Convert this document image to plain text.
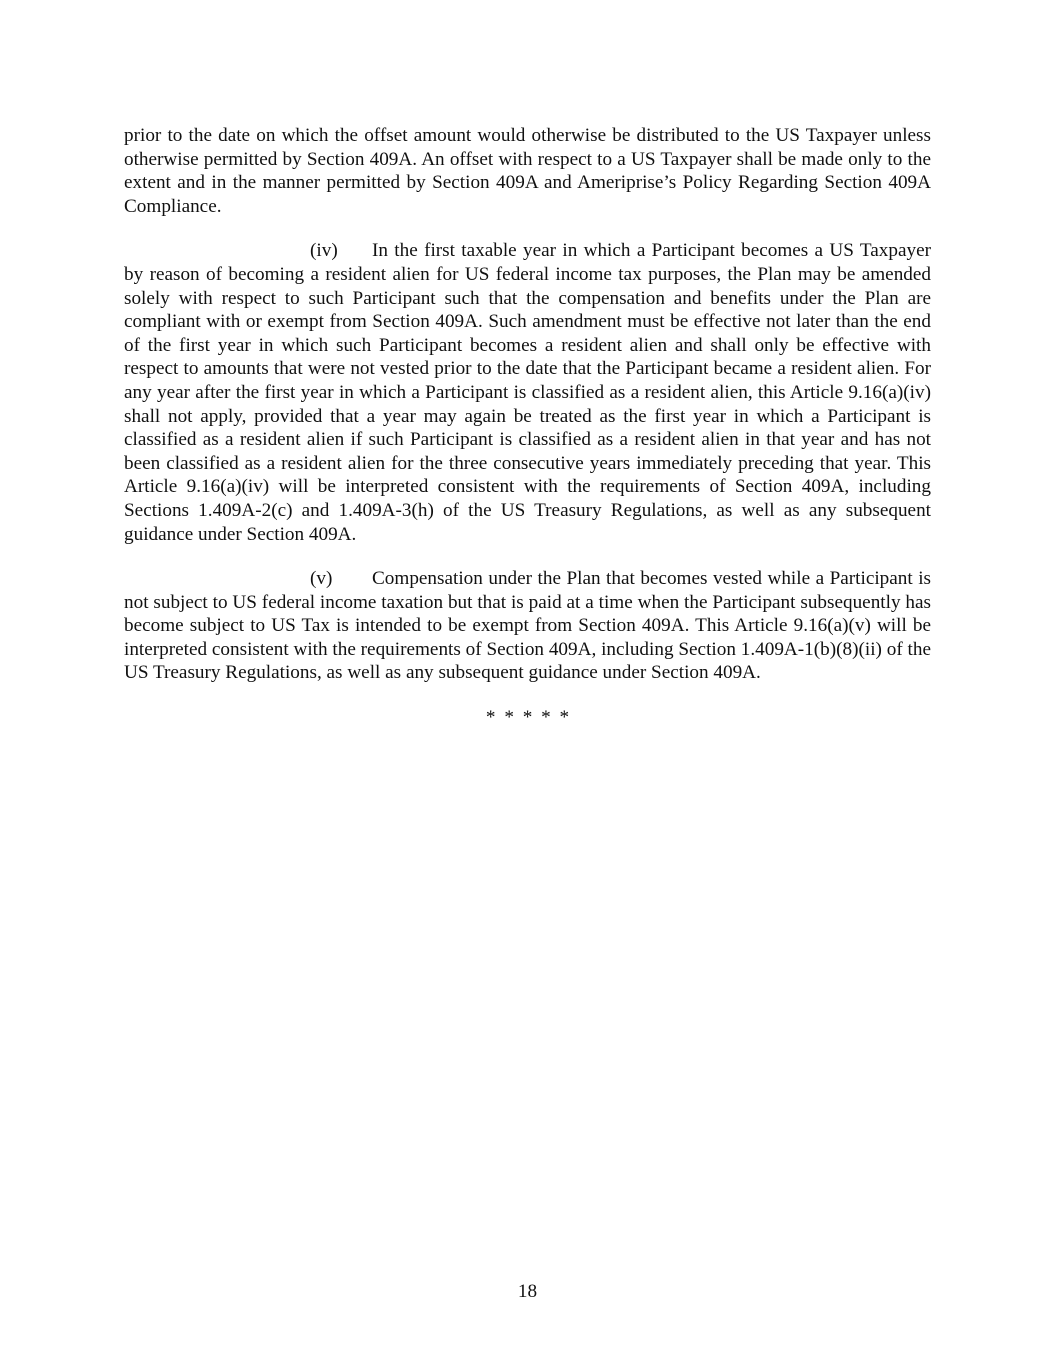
prior to the date on which the offset amount would otherwise be distributed to the US Taxpayer unless otherwise permitted by Section 409A. An offset with respect to a US Taxpayer shall be made only to the extent and in the manner permitted by Section 409A and Ameriprise’s Policy Regarding Section 409A Compliance.

(iv) In the first taxable year in which a Participant becomes a US Taxpayer by reason of becoming a resident alien for US federal income tax purposes, the Plan may be amended solely with respect to such Participant such that the compensation and benefits under the Plan are compliant with or exempt from Section 409A. Such amendment must be effective not later than the end of the first year in which such Participant becomes a resident alien and shall only be effective with respect to amounts that were not vested prior to the date that the Participant became a resident alien. For any year after the first year in which a Participant is classified as a resident alien, this Article 9.16(a)(iv) shall not apply, provided that a year may again be treated as the first year in which a Participant is classified as a resident alien if such Participant is classified as a resident alien in that year and has not been classified as a resident alien for the three consecutive years immediately preceding that year. This Article 9.16(a)(iv) will be interpreted consistent with the requirements of Section 409A, including Sections 1.409A-2(c) and 1.409A-3(h) of the US Treasury Regulations, as well as any subsequent guidance under Section 409A.

(v) Compensation under the Plan that becomes vested while a Participant is not subject to US federal income taxation but that is paid at a time when the Participant subsequently has become subject to US Tax is intended to be exempt from Section 409A. This Article 9.16(a)(v) will be interpreted consistent with the requirements of Section 409A, including Section 1.409A-1(b)(8)(ii) of the US Treasury Regulations, as well as any subsequent guidance under Section 409A.

* * * * *
18
